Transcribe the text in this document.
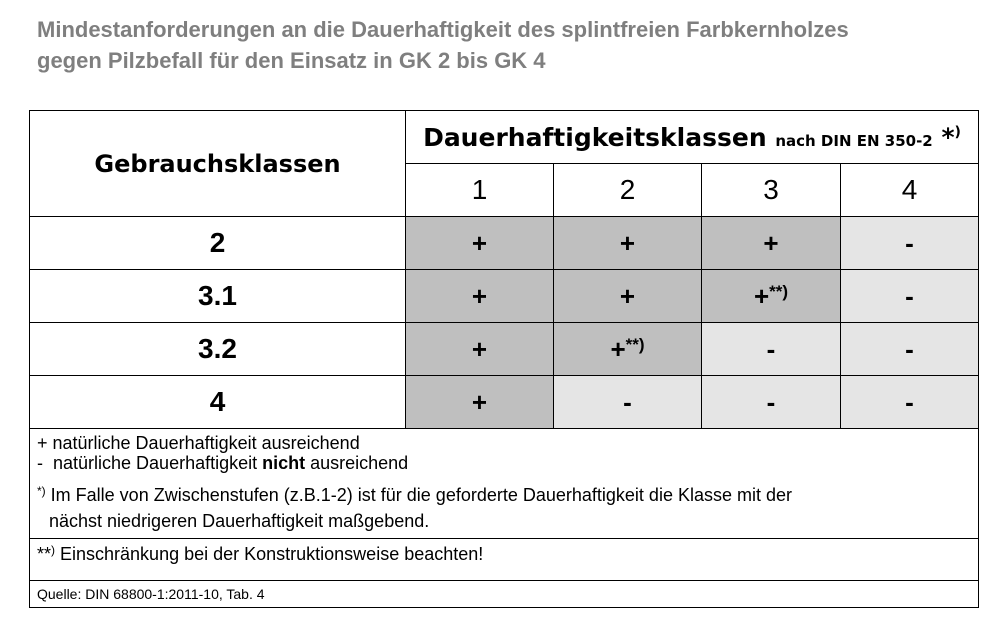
Mindestanforderungen an die Dauerhaftigkeit des splintfreien Farbkernholzes
gegen Pilzbefall für den Einsatz in GK 2 bis GK 4
Gebrauchsklassen	Dauerhaftigkeitsklassen nach DIN EN 350-2 *)
	1	2	3	4
2	+	+	+	-
3.1	+	+	+**)	-
3.2	+	+**)	-	-
4	+	-	-	-

+ natürliche Dauerhaftigkeit ausreichend
-  natürliche Dauerhaftigkeit nicht ausreichend
*) Im Falle von Zwischenstufen (z.B.1-2) ist für die geforderte Dauerhaftigkeit die Klasse mit der
nächst niedrigeren Dauerhaftigkeit maßgebend.				

**) Einschränkung bei der Konstruktionsweise beachten!				
Quelle: DIN 68800-1:2011-10, Tab. 4				
